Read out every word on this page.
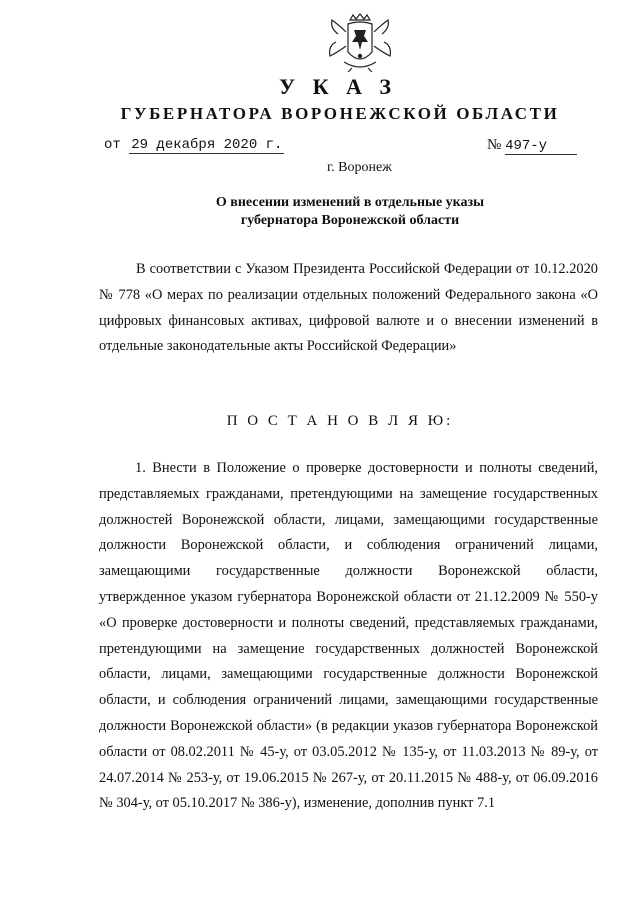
У К А З
ГУБЕРНАТОРА ВОРОНЕЖСКОЙ ОБЛАСТИ
от 29 декабря 2020 г.	№ 497-у
г. Воронеж
О внесении изменений в отдельные указы
губернатора Воронежской области

В соответствии с Указом Президента Российской Федерации от 10.12.2020 № 778 «О мерах по реализации отдельных положений Федерального закона «О цифровых финансовых активах, цифровой валюте и о внесении изменений в отдельные законодательные акты Российской Федерации»

П О С Т А Н О В Л Я Ю:

1. Внести в Положение о проверке достоверности и полноты сведений, представляемых гражданами, претендующими на замещение государственных должностей Воронежской области, лицами, замещающими государственные должности Воронежской области, и соблюдения ограничений лицами, замещающими государственные должности Воронежской области, утвержденное указом губернатора Воронежской области от 21.12.2009 № 550-у «О проверке достоверности и полноты сведений, представляемых гражданами, претендующими на замещение государственных должностей Воронежской области, лицами, замещающими государственные должности Воронежской области, и соблюдения ограничений лицами, замещающими государственные должности Воронежской области» (в редакции указов губернатора Воронежской области от 08.02.2011 № 45-у, от 03.05.2012 № 135-у, от 11.03.2013 № 89-у, от 24.07.2014 № 253-у, от 19.06.2015 № 267-у, от 20.11.2015 № 488-у, от 06.09.2016 № 304-у, от 05.10.2017 № 386-у), изменение, дополнив пункт 7.1
